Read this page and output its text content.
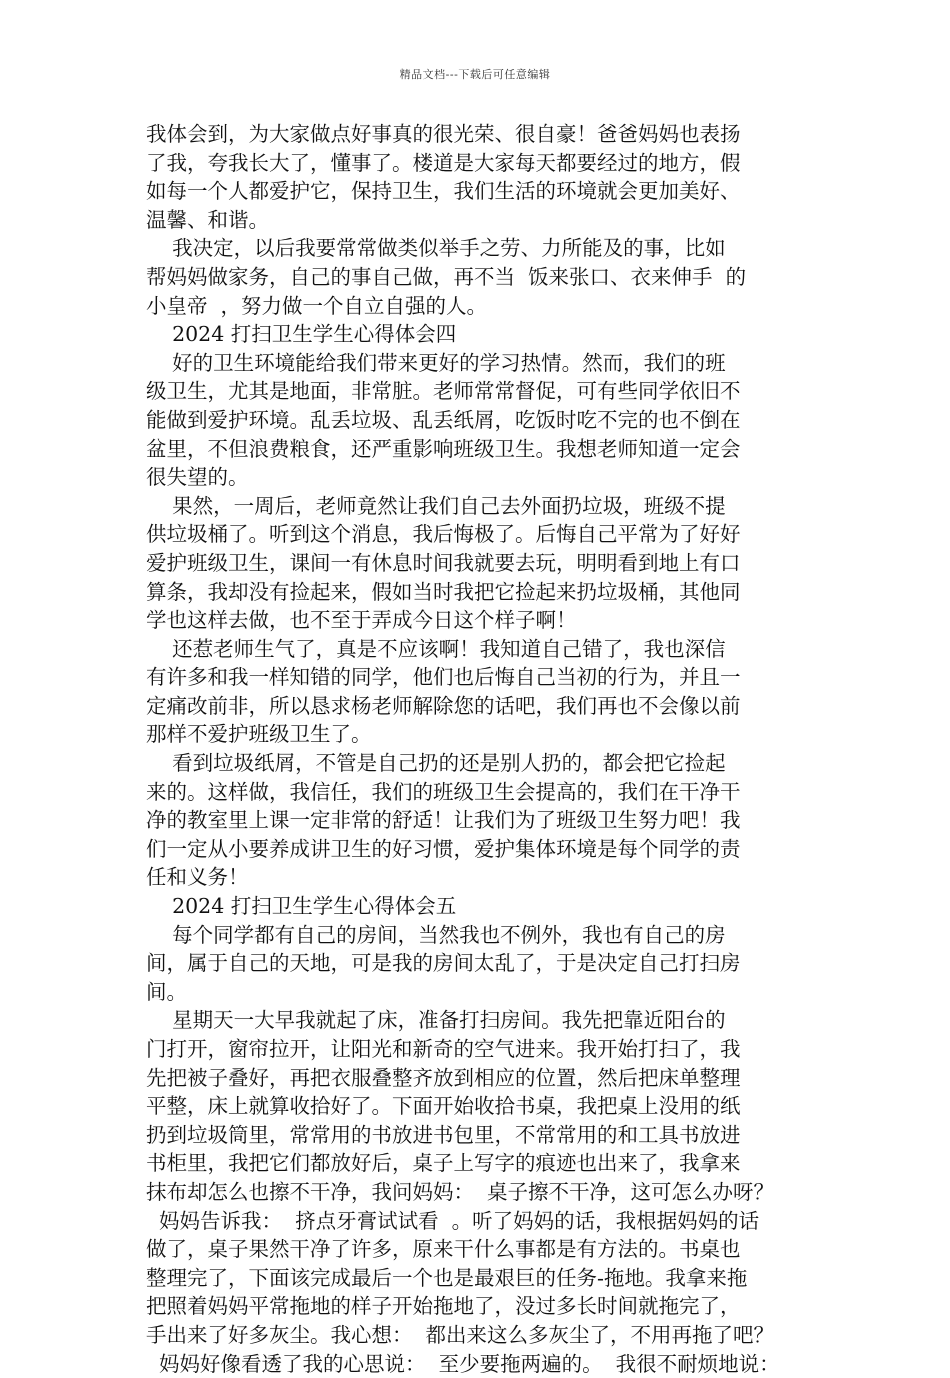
精品文档---下载后可任意编辑
我体会到，为大家做点好事真的很光荣、很自豪！爸爸妈妈也表扬
了我，夸我长大了，懂事了。楼道是大家每天都要经过的地方，假
如每一个人都爱护它，保持卫生，我们生活的环境就会更加美好、
温馨、和谐。
我决定，以后我要常常做类似举手之劳、力所能及的事，比如
帮妈妈做家务，自己的事自己做，再不当  饭来张口、衣来伸手  的
小皇帝  ，努力做一个自立自强的人。
2024 打扫卫生学生心得体会四
好的卫生环境能给我们带来更好的学习热情。然而，我们的班
级卫生，尤其是地面，非常脏。老师常常督促，可有些同学依旧不
能做到爱护环境。乱丢垃圾、乱丢纸屑，吃饭时吃不完的也不倒在
盆里，不但浪费粮食，还严重影响班级卫生。我想老师知道一定会
很失望的。
果然，一周后，老师竟然让我们自己去外面扔垃圾，班级不提
供垃圾桶了。听到这个消息，我后悔极了。后悔自己平常为了好好
爱护班级卫生，课间一有休息时间我就要去玩，明明看到地上有口
算条，我却没有捡起来，假如当时我把它捡起来扔垃圾桶，其他同
学也这样去做，也不至于弄成今日这个样子啊！
还惹老师生气了，真是不应该啊！我知道自己错了，我也深信
有许多和我一样知错的同学，他们也后悔自己当初的行为，并且一
定痛改前非，所以恳求杨老师解除您的话吧，我们再也不会像以前
那样不爱护班级卫生了。
看到垃圾纸屑，不管是自己扔的还是别人扔的，都会把它捡起
来的。这样做，我信任，我们的班级卫生会提高的，我们在干净干
净的教室里上课一定非常的舒适！让我们为了班级卫生努力吧！我
们一定从小要养成讲卫生的好习惯，爱护集体环境是每个同学的责
任和义务！
2024 打扫卫生学生心得体会五
每个同学都有自己的房间，当然我也不例外，我也有自己的房
间，属于自己的天地，可是我的房间太乱了，于是决定自己打扫房
间。
星期天一大早我就起了床，准备打扫房间。我先把靠近阳台的
门打开，窗帘拉开，让阳光和新奇的空气进来。我开始打扫了，我
先把被子叠好，再把衣服叠整齐放到相应的位置，然后把床单整理
平整，床上就算收拾好了。下面开始收拾书桌，我把桌上没用的纸
扔到垃圾筒里，常常用的书放进书包里，不常常用的和工具书放进
书柜里，我把它们都放好后，桌子上写字的痕迹也出来了，我拿来
抹布却怎么也擦不干净，我问妈妈：  桌子擦不干净，这可怎么办呀？
妈妈告诉我：  挤点牙膏试试看  。听了妈妈的话，我根据妈妈的话
做了，桌子果然干净了许多，原来干什么事都是有方法的。书桌也
整理完了，下面该完成最后一个也是最艰巨的任务-拖地。我拿来拖
把照着妈妈平常拖地的样子开始拖地了，没过多长时间就拖完了，
手出来了好多灰尘。我心想：  都出来这么多灰尘了，不用再拖了吧？
妈妈好像看透了我的心思说：  至少要拖两遍的。  我很不耐烦地说：
